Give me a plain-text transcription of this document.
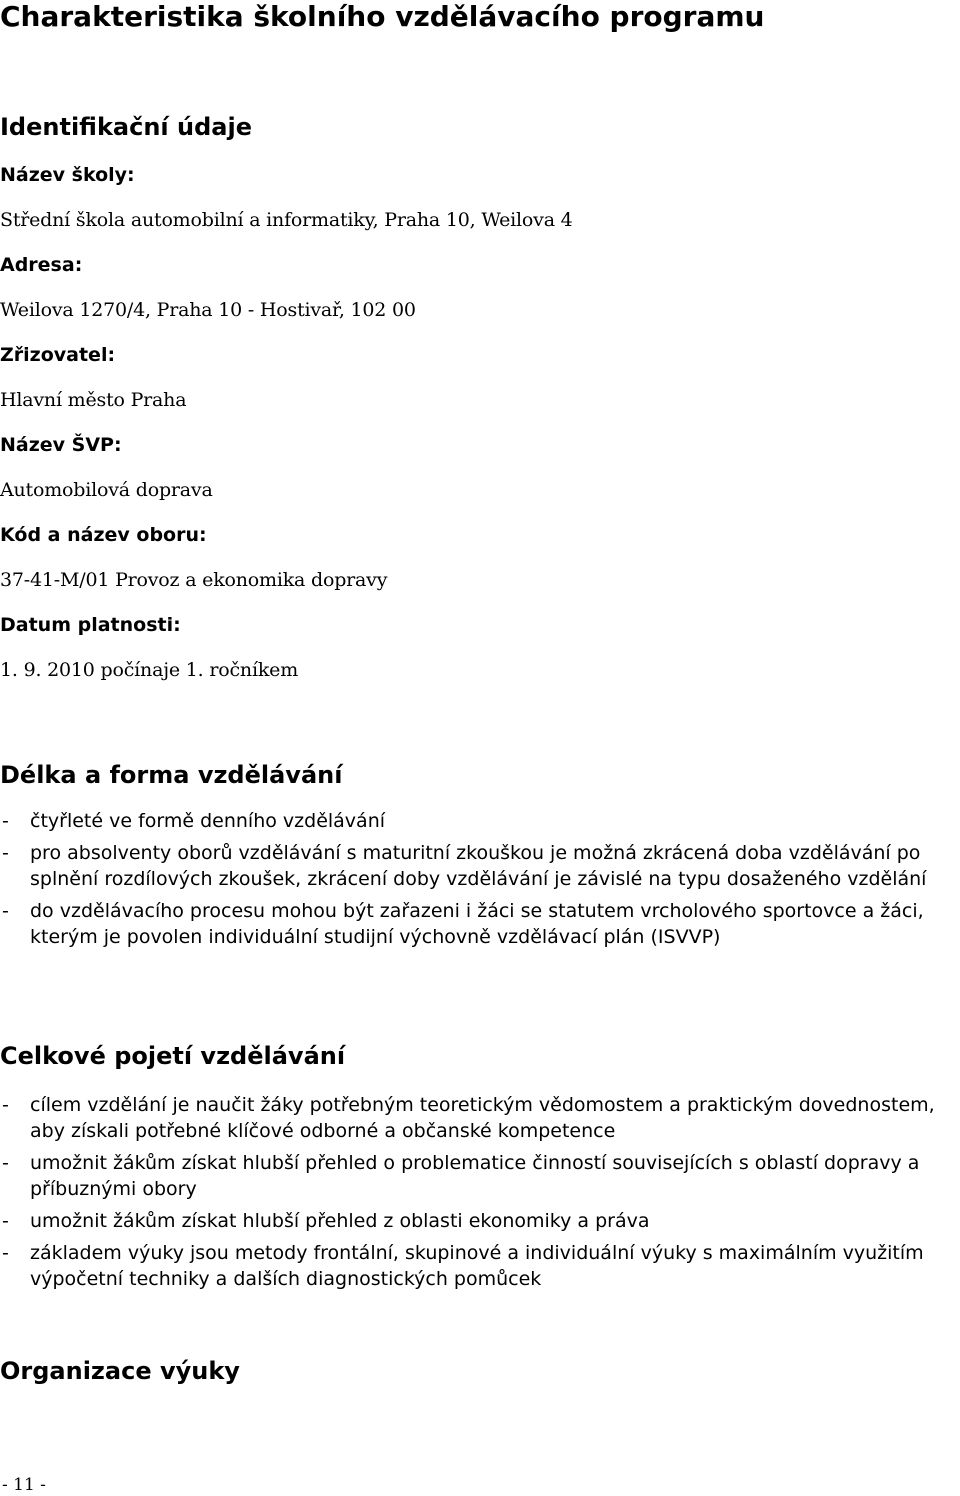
Charakteristika školního vzdělávacího programu
Identifikační údaje

Název školy:

Střední škola automobilní a informatiky, Praha 10, Weilova 4

Adresa:

Weilova 1270/4, Praha 10 - Hostivař, 102 00

Zřizovatel:

Hlavní město Praha

Název ŠVP:

Automobilová doprava

Kód a název oboru:

37-41-M/01 Provoz a ekonomika dopravy

Datum platnosti:

1. 9. 2010 počínaje 1. ročníkem

Délka a forma vzdělávání
- čtyřleté ve formě denního vzdělávání
- pro absolventy oborů vzdělávání s maturitní zkouškou je možná zkrácená doba vzdělávání po splnění rozdílových zkoušek, zkrácení doby vzdělávání je závislé na typu dosaženého vzdělání
- do vzdělávacího procesu mohou být zařazeni i žáci se statutem vrcholového sportovce a žáci, kterým je povolen individuální studijní výchovně vzdělávací plán (ISVVP)
Celkové pojetí vzdělávání
- cílem vzdělání je naučit žáky potřebným teoretickým vědomostem a praktickým dovednostem, aby získali potřebné klíčové odborné a občanské kompetence
- umožnit žákům získat hlubší přehled o problematice činností souvisejících s oblastí dopravy a příbuznými obory
- umožnit žákům získat hlubší přehled z oblasti ekonomiky a práva
- základem výuky jsou metody frontální, skupinové a individuální výuky s maximálním využitím výpočetní techniky a dalších diagnostických pomůcek
Organizace výuky

- 11 -
